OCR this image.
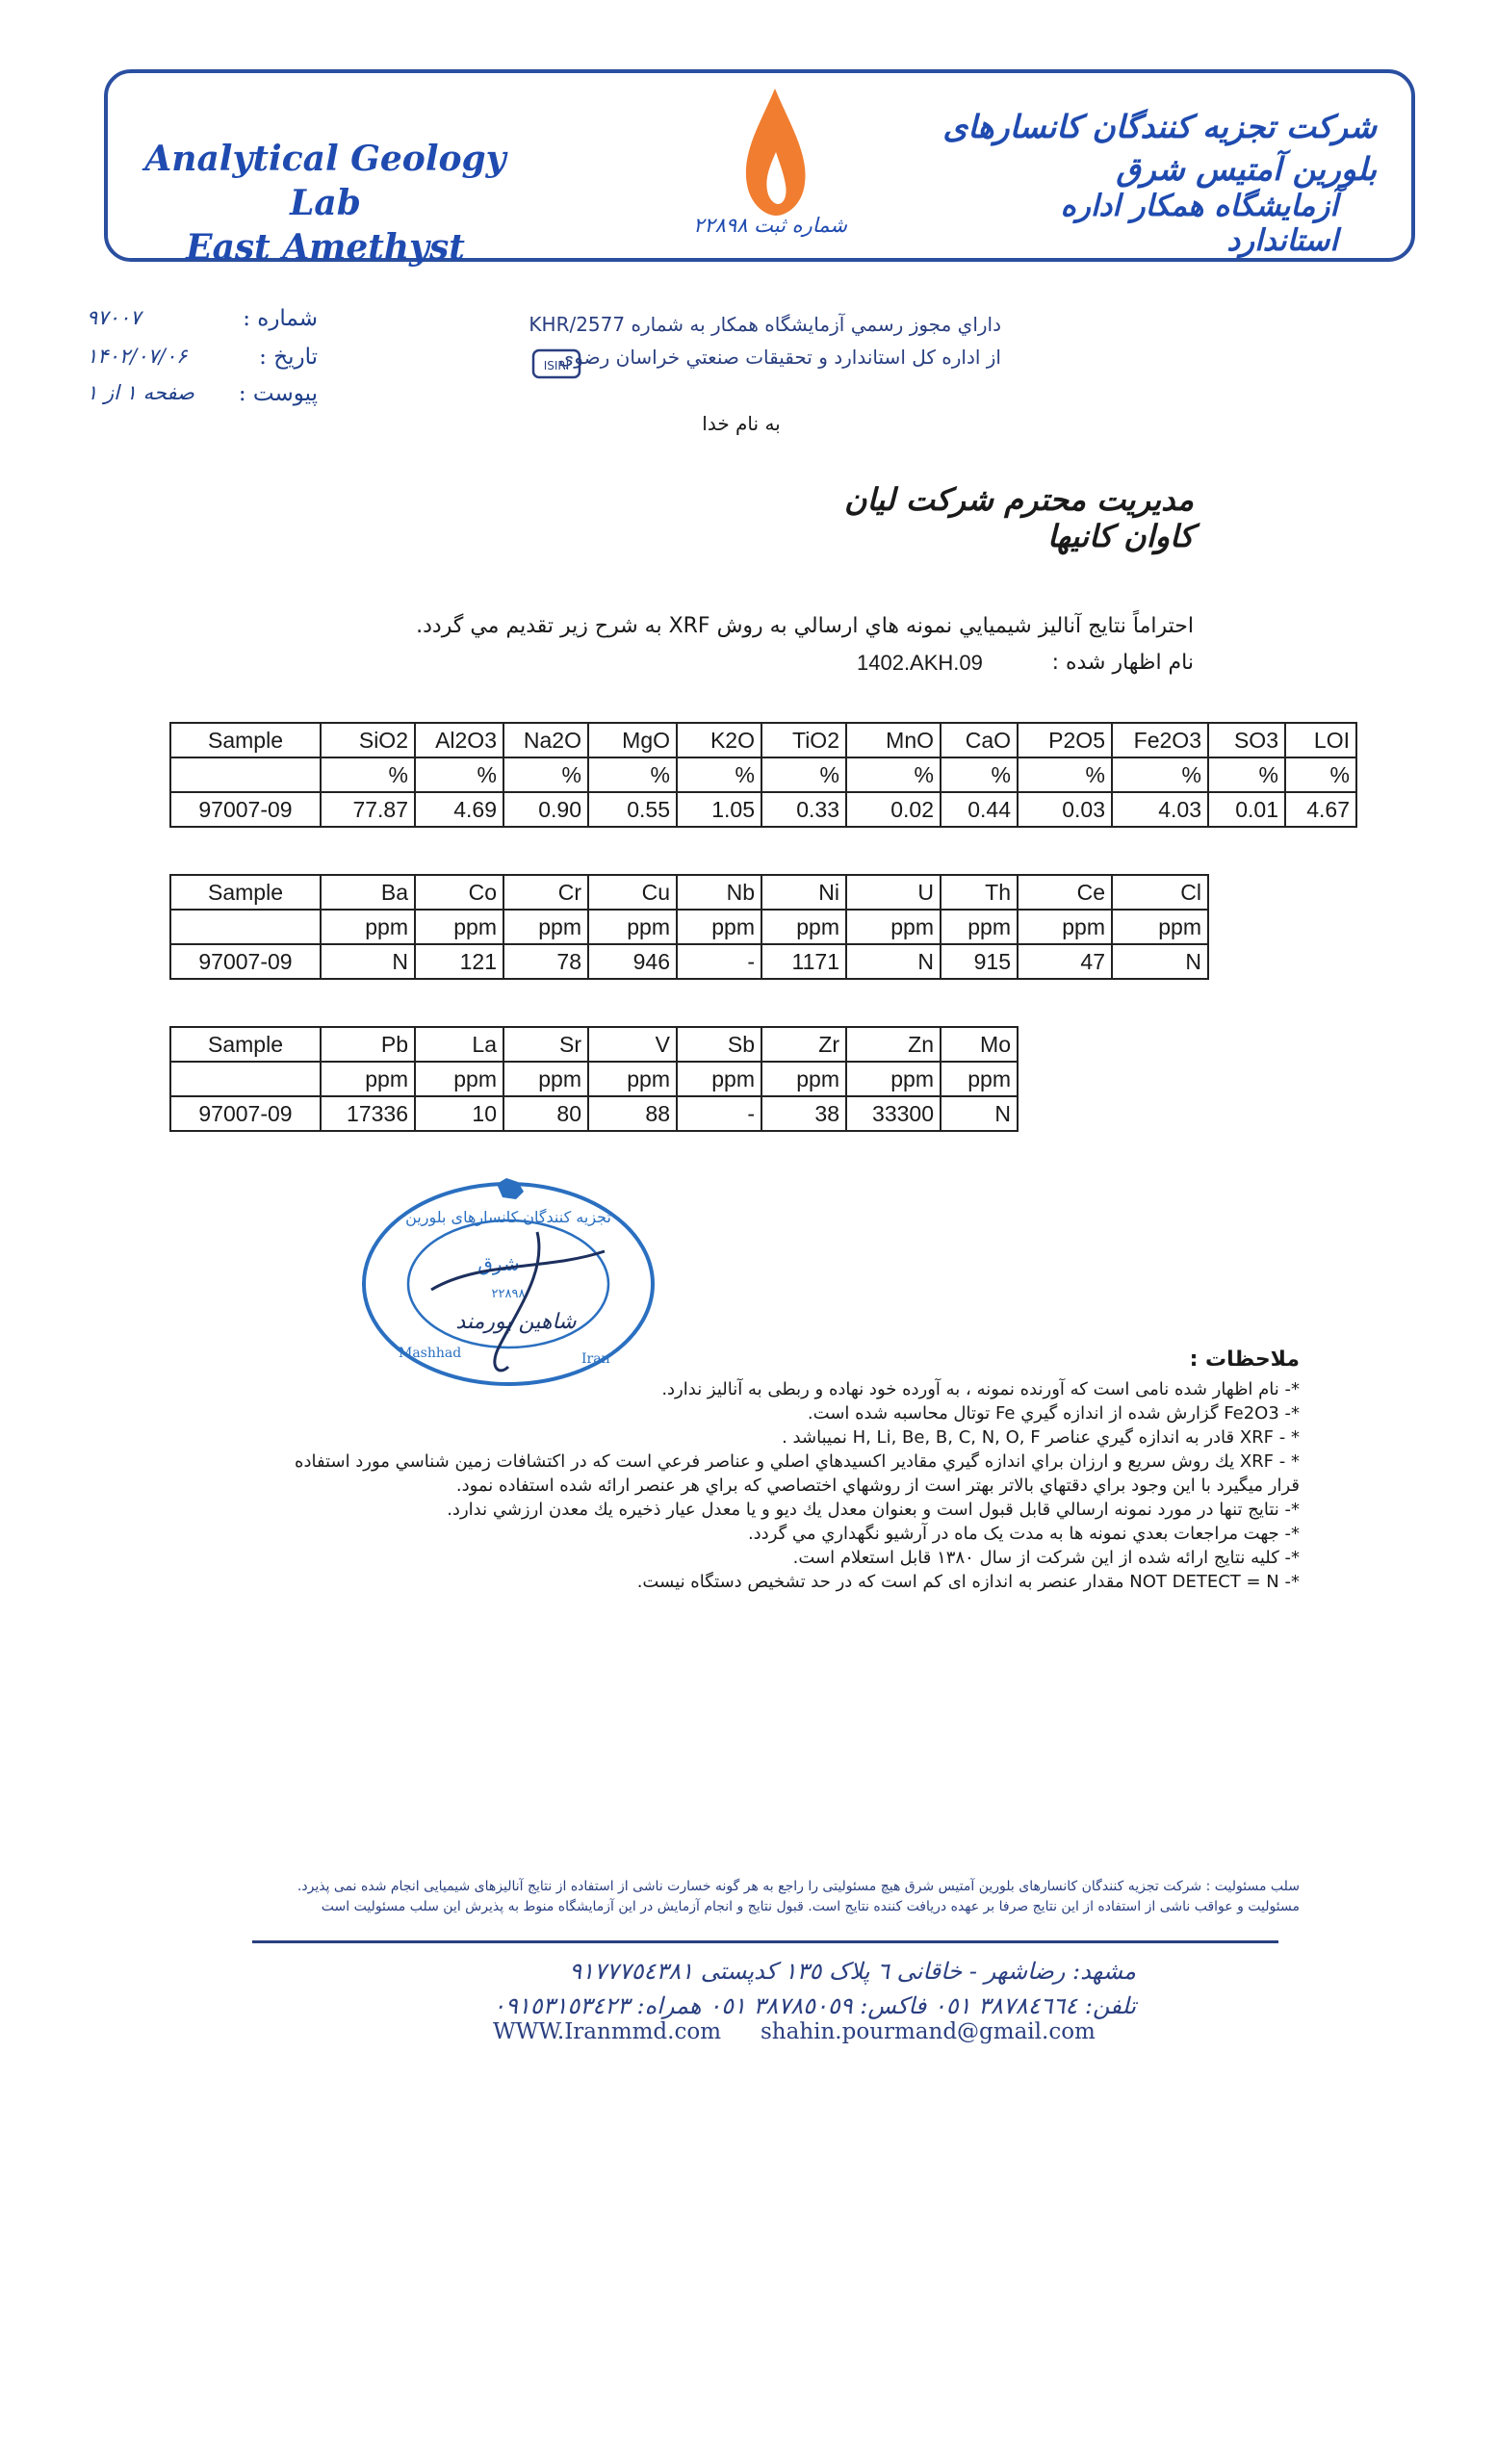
Analytical Geology Lab
East Amethyst
شماره ثبت ۲۲۸۹۸
شرکت تجزیه کنندگان کانسارهای بلورین آمتیس شرق
آزمایشگاه همکار اداره استاندارد
شماره :
۹۷۰۰۷
تاریخ :
۱۴۰۲/۰۷/۰۶
پیوست :
صفحه ۱ از ۱
داراي مجوز رسمي آزمايشگاه همكار به شماره KHR/2577
از اداره كل استاندارد و تحقيقات صنعتي خراسان رضوي
ISIRI
به نام خدا
مدیریت محترم شرکت لیان کاوان کانیها
احتراماً نتايج آناليز شيميايي نمونه هاي ارسالي به روش XRF به شرح زير تقديم مي گردد.
نام اظهار شده :
1402.AKH.09
Sample	SiO2	Al2O3	Na2O	MgO	K2O	TiO2	MnO	CaO	P2O5	Fe2O3	SO3	LOI
	%	%	%	%	%	%	%	%	%	%	%	%
97007-09	77.87	4.69	0.90	0.55	1.05	0.33	0.02	0.44	0.03	4.03	0.01	4.67
Sample	Ba	Co	Cr	Cu	Nb	Ni	U	Th	Ce	Cl
	ppm	ppm	ppm	ppm	ppm	ppm	ppm	ppm	ppm	ppm
97007-09	N	121	78	946	-	1171	N	915	47	N
Sample	Pb	La	Sr	V	Sb	Zr	Zn	Mo
	ppm	ppm	ppm	ppm	ppm	ppm	ppm	ppm
97007-09	17336	10	80	88	-	38	33300	N
تجزیه کنندگان کانسارهای بلورین
شرق
۲۲۸۹۸
Mashhad	Iran
شاهین پورمند
ملاحظات :
*- نام اظهار شده نامی است که آورنده نمونه ، به آورده خود نهاده و ربطی به آنالیز ندارد.
*- Fe2O3 گزارش شده از اندازه گيري Fe توتال محاسبه شده است.
* - XRF قادر به اندازه گيري عناصر H, Li, Be, B, C, N, O, F نميباشد .
* - XRF يك روش سريع و ارزان براي اندازه گيري مقادير اكسيدهاي اصلي و عناصر فرعي است كه در اكتشافات زمين شناسي مورد استفاده قرار ميگيرد با اين وجود براي دقتهاي بالاتر بهتر است از روشهاي اختصاصي كه براي هر عنصر ارائه شده استفاده نمود.
*- نتايج تنها در مورد نمونه ارسالي قابل قبول است و بعنوان معدل يك ديو و يا معدل عيار ذخيره يك معدن ارزشي ندارد.
*- جهت مراجعات بعدي نمونه ها به مدت يک ماه در آرشيو نگهداري مي گردد.
*- كليه نتايج ارائه شده از اين شركت از سال ۱۳۸۰ قابل استعلام است.
*- NOT DETECT = N مقدار عنصر به اندازه ای کم است که در حد تشخیص دستگاه نیست.
سلب مسئولیت : شرکت تجزیه کنندگان کانسارهای بلورین آمتیس شرق هیچ مسئولیتی را راجع به هر گونه خسارت ناشی از استفاده از نتایج آنالیزهای شیمیایی انجام شده نمی پذیرد. مسئولیت و عواقب ناشی از استفاده از این نتایج صرفا بر عهده دریافت کننده نتایج است. قبول نتایج و انجام آزمایش در این آزمایشگاه منوط به پذیرش این سلب مسئولیت است
مشهد: رضاشهر - خاقانی ٦ پلاک ١٣٥ کدپستی ٩١٧٧٧٥٤٣٨١
تلفن: ٣٨٧٨٤٦٦٤ ٠٥١ فاکس: ٣٨٧٨٥٠٥٩ ٠٥١ همراه: ٠٩١٥٣١٥٣٤٢٣
WWW.Iranmmd.com shahin.pourmand@gmail.com
